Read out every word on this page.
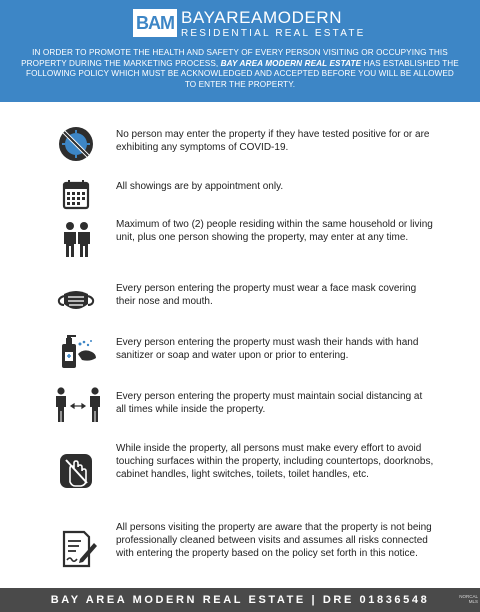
BAM BAYAREAMODERN
RESIDENTIAL REAL ESTATE
IN ORDER TO PROMOTE THE HEALTH AND SAFETY OF EVERY PERSON VISITING OR OCCUPYING THIS PROPERTY DURING THE MARKETING PROCESS, BAY AREA MODERN REAL ESTATE HAS ESTABLISHED THE FOLLOWING POLICY WHICH MUST BE ACKNOWLEDGED AND ACCEPTED BEFORE YOU WILL BE ALLOWED TO ENTER THE PROPERTY.
No person may enter the property if they have tested positive for or are exhibiting any symptoms of COVID-19.
All showings are by appointment only.
Maximum of two (2) people residing within the same household or living unit, plus one person showing the property, may enter at any time.
Every person entering the property must wear a face mask covering their nose and mouth.
Every person entering the property must wash their hands with hand sanitizer or soap and water upon or prior to entering.
Every person entering the property must maintain social distancing at all times while inside the property.
While inside the property, all persons must make every effort to avoid touching surfaces within the property, including countertops, doorknobs, cabinet handles, light switches, toilets, toilet handles, etc.
All persons visiting the property are aware that the property is not being professionally cleaned between visits and assumes all risks connected with entering the property based on the policy set forth in this notice.
BAY AREA MODERN REAL ESTATE | DRE 01836548	NORCAL
MLS
